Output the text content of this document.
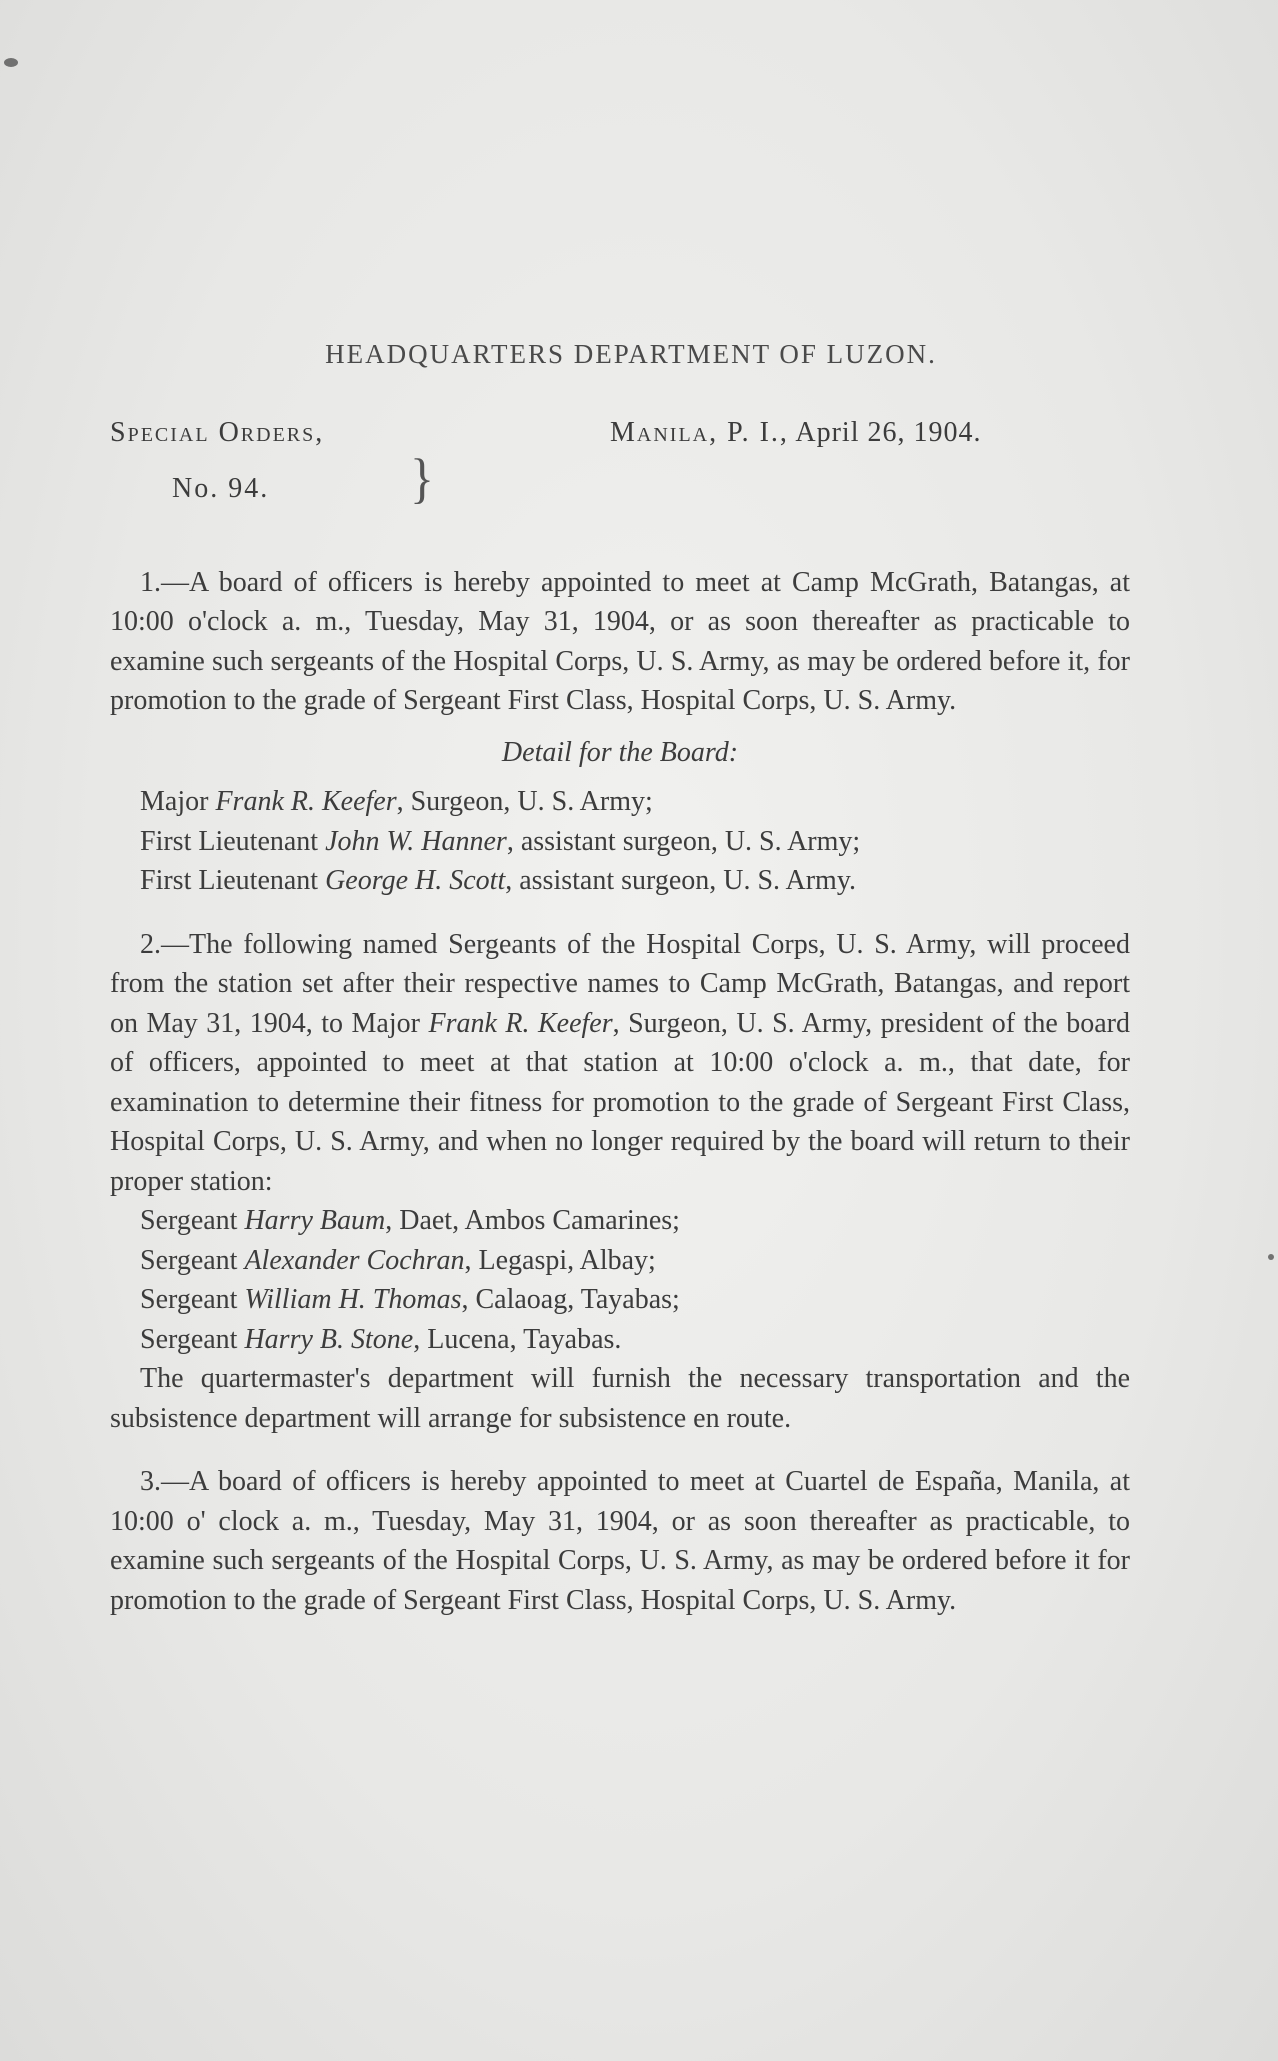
HEADQUARTERS DEPARTMENT OF LUZON.
Special Orders,
No. 94.	}
Manila, P. I., April 26, 1904.

1.—A board of officers is hereby appointed to meet at Camp McGrath, Batangas, at 10:00 o'clock a. m., Tuesday, May 31, 1904, or as soon thereafter as practicable to examine such sergeants of the Hospital Corps, U. S. Army, as may be ordered before it, for promotion to the grade of Sergeant First Class, Hospital Corps, U. S. Army.

Detail for the Board:

Major Frank R. Keefer, Surgeon, U. S. Army;

First Lieutenant John W. Hanner, assistant surgeon, U. S. Army;

First Lieutenant George H. Scott, assistant surgeon, U. S. Army.

2.—The following named Sergeants of the Hospital Corps, U. S. Army, will proceed from the station set after their respective names to Camp McGrath, Batangas, and report on May 31, 1904, to Major Frank R. Keefer, Surgeon, U. S. Army, president of the board of officers, appointed to meet at that station at 10:00 o'clock a. m., that date, for examination to determine their fitness for promotion to the grade of Sergeant First Class, Hospital Corps, U. S. Army, and when no longer required by the board will return to their proper station:

Sergeant Harry Baum, Daet, Ambos Camarines;

Sergeant Alexander Cochran, Legaspi, Albay;

Sergeant William H. Thomas, Calaoag, Tayabas;

Sergeant Harry B. Stone, Lucena, Tayabas.

The quartermaster's department will furnish the necessary transportation and the subsistence department will arrange for subsistence en route.

3.—A board of officers is hereby appointed to meet at Cuartel de España, Manila, at 10:00 o' clock a. m., Tuesday, May 31, 1904, or as soon thereafter as practicable, to examine such sergeants of the Hospital Corps, U. S. Army, as may be ordered before it for promotion to the grade of Sergeant First Class, Hospital Corps, U. S. Army.
